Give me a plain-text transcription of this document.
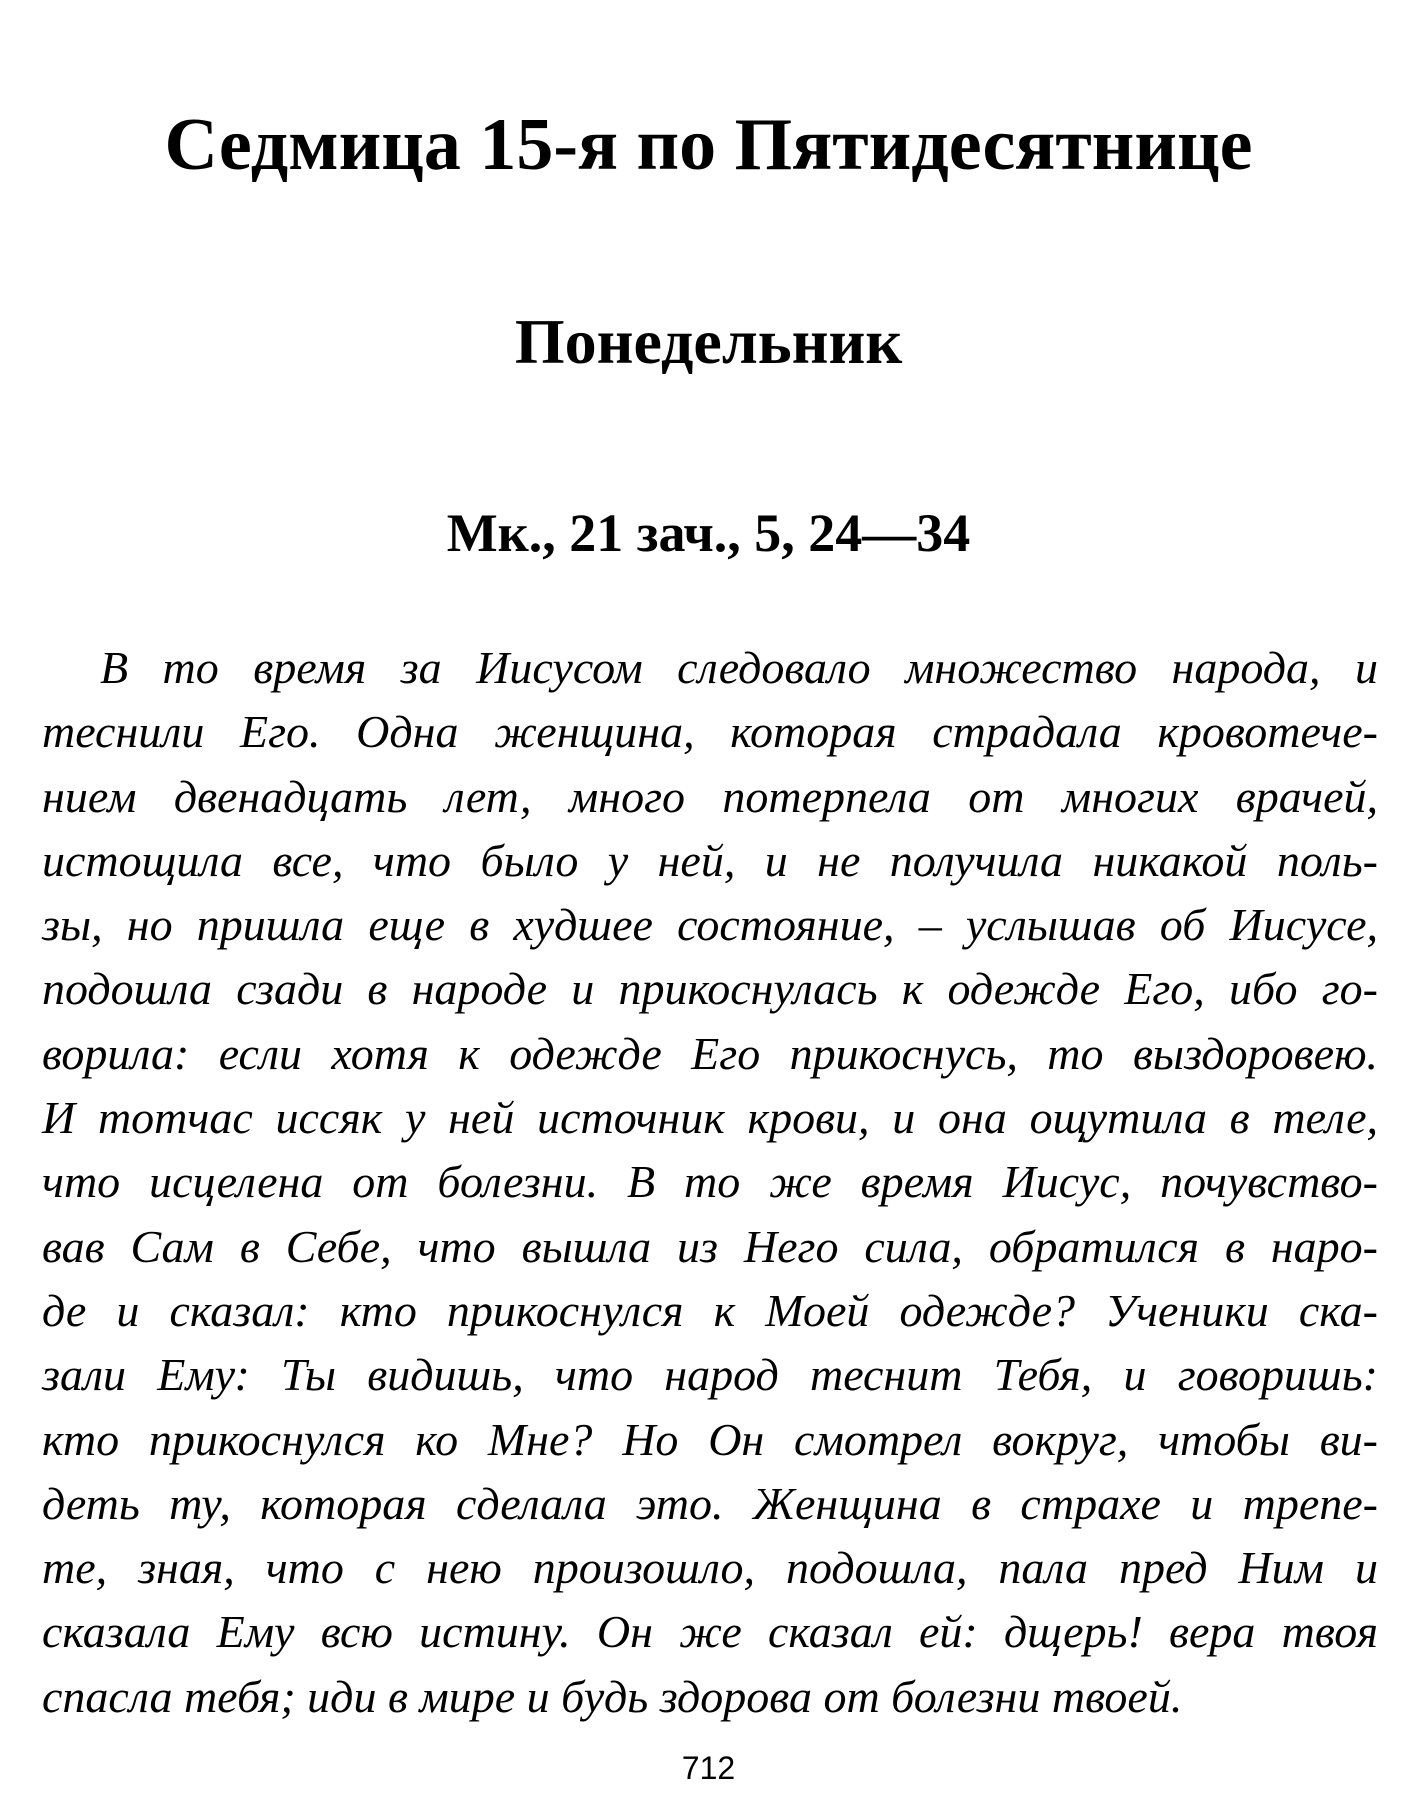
Седмица 15-я по Пятидесятнице
Понедельник
Мк., 21 зач., 5, 24—34
В то время за Иисусом следовало множество народа, и
теснили Его. Одна женщина, которая страдала кровотече-
нием двенадцать лет, много потерпела от многих врачей,
истощила все, что было у ней, и не получила никакой поль-
зы, но пришла еще в худшее состояние, – услышав об Иисусе,
подошла сзади в народе и прикоснулась к одежде Его, ибо го-
ворила: если хотя к одежде Его прикоснусь, то выздоровею.
И тотчас иссяк у ней источник крови, и она ощутила в теле,
что исцелена от болезни. В то же время Иисус, почувство-
вав Сам в Себе, что вышла из Него сила, обратился в наро-
де и сказал: кто прикоснулся к Моей одежде? Ученики ска-
зали Ему: Ты видишь, что народ теснит Тебя, и говоришь:
кто прикоснулся ко Мне? Но Он смотрел вокруг, чтобы ви-
деть ту, которая сделала это. Женщина в страхе и трепе-
те, зная, что с нею произошло, подошла, пала пред Ним и
сказала Ему всю истину. Он же сказал ей: дщерь! вера твоя
спасла тебя; иди в мире и будь здорова от болезни твоей.
712
